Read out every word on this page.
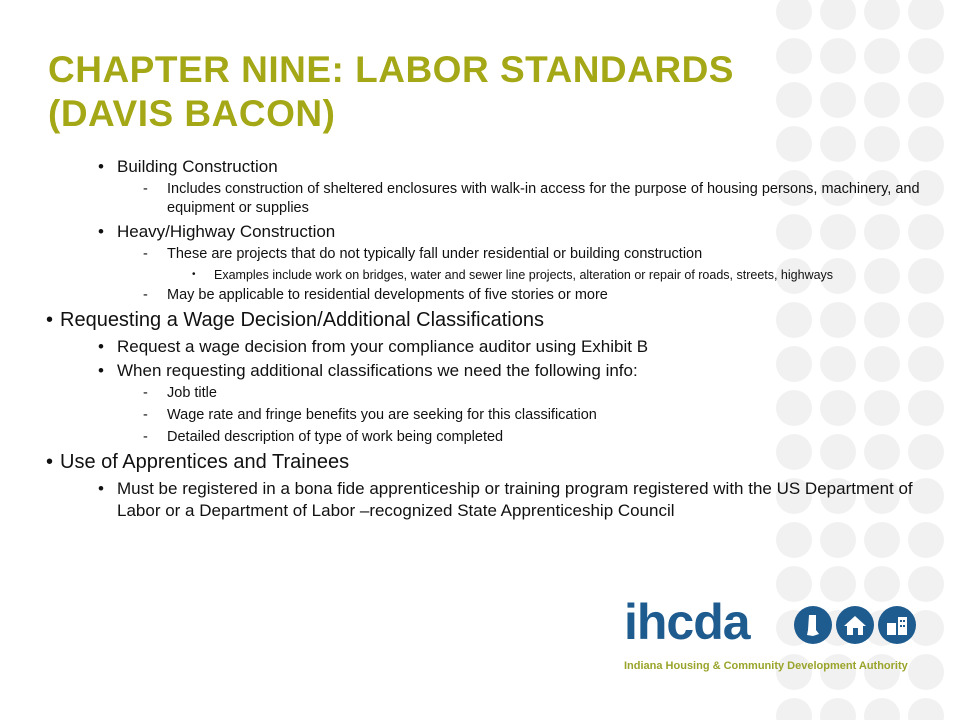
CHAPTER NINE: LABOR STANDARDS
(DAVIS BACON)
• Building Construction
- Includes construction of sheltered enclosures with walk-in access for the purpose of housing persons, machinery, and equipment or supplies
• Heavy/Highway Construction
- These are projects that do not typically fall under residential or building construction
• Examples include work on bridges, water and sewer line projects, alteration or repair of roads, streets, highways
- May be applicable to residential developments of five stories or more
• Requesting a Wage Decision/Additional Classifications
• Request a wage decision from your compliance auditor using Exhibit B
• When requesting additional classifications we need the following info:
- Job title
- Wage rate and fringe benefits you are seeking for this classification
- Detailed description of type of work being completed
• Use of Apprentices and Trainees
• Must be registered in a bona fide apprenticeship or training program registered with the US Department of Labor or a Department of Labor –recognized State Apprenticeship Council
ihcda
Indiana Housing & Community Development Authority
